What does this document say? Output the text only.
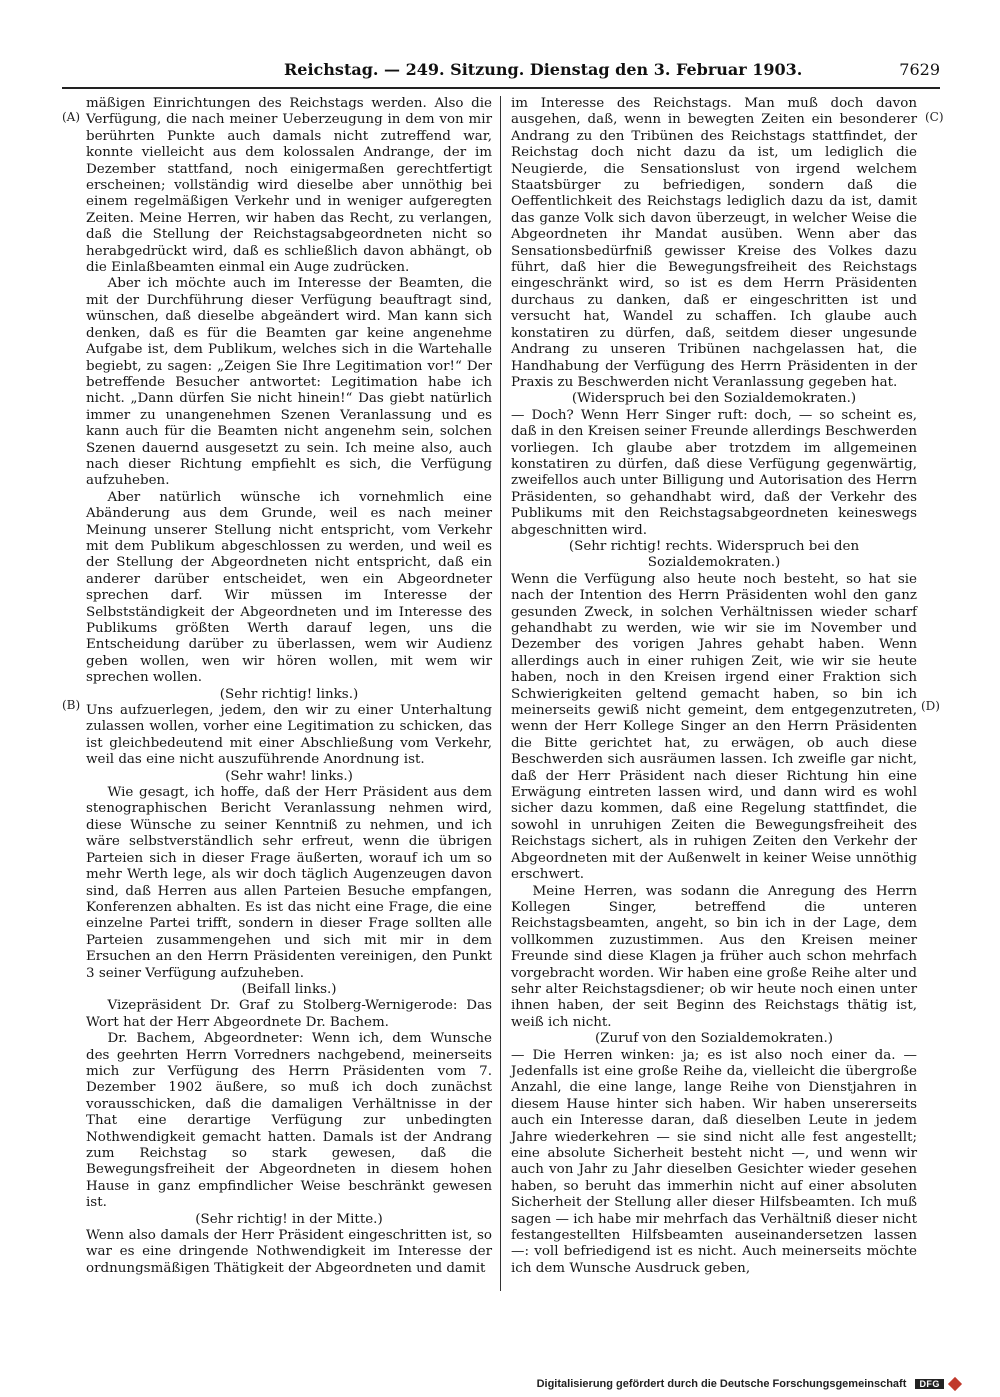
Reichstag. — 249. Sitzung. Dienstag den 3. Februar 1903.	7629
(A)
(B)
(C)
(D)

mäßigen Einrichtungen des Reichstags werden. Also die Verfügung, die nach meiner Ueberzeugung in dem von mir berührten Punkte auch damals nicht zutreffend war, konnte vielleicht aus dem kolossalen Andrange, der im Dezember stattfand, noch einigermaßen gerechtfertigt erscheinen; vollständig wird dieselbe aber unnöthig bei einem regelmäßigen Verkehr und in weniger aufgeregten Zeiten. Meine Herren, wir haben das Recht, zu verlangen, daß die Stellung der Reichstagsabgeordneten nicht so herabgedrückt wird, daß es schließlich davon abhängt, ob die Einlaßbeamten einmal ein Auge zudrücken.

Aber ich möchte auch im Interesse der Beamten, die mit der Durchführung dieser Verfügung beauftragt sind, wünschen, daß dieselbe abgeändert wird. Man kann sich denken, daß es für die Beamten gar keine angenehme Aufgabe ist, dem Publikum, welches sich in die Wartehalle begiebt, zu sagen: „Zeigen Sie Ihre Legitimation vor!“ Der betreffende Besucher antwortet: Legitimation habe ich nicht. „Dann dürfen Sie nicht hinein!“ Das giebt natürlich immer zu unangenehmen Szenen Veranlassung und es kann auch für die Beamten nicht angenehm sein, solchen Szenen dauernd ausgesetzt zu sein. Ich meine also, auch nach dieser Richtung empfiehlt es sich, die Verfügung aufzuheben.

Aber natürlich wünsche ich vornehmlich eine Abänderung aus dem Grunde, weil es nach meiner Meinung unserer Stellung nicht entspricht, vom Verkehr mit dem Publikum abgeschlossen zu werden, und weil es der Stellung der Abgeordneten nicht entspricht, daß ein anderer darüber entscheidet, wen ein Abgeordneter sprechen darf. Wir müssen im Interesse der Selbstständigkeit der Abgeordneten und im Interesse des Publikums größten Werth darauf legen, uns die Entscheidung darüber zu überlassen, wem wir Audienz geben wollen, wen wir hören wollen, mit wem wir sprechen wollen.

(Sehr richtig! links.)

Uns aufzuerlegen, jedem, den wir zu einer Unterhaltung zulassen wollen, vorher eine Legitimation zu schicken, das ist gleichbedeutend mit einer Abschließung vom Verkehr, weil das eine nicht auszuführende Anordnung ist.

(Sehr wahr! links.)

Wie gesagt, ich hoffe, daß der Herr Präsident aus dem stenographischen Bericht Veranlassung nehmen wird, diese Wünsche zu seiner Kenntniß zu nehmen, und ich wäre selbstverständlich sehr erfreut, wenn die übrigen Parteien sich in dieser Frage äußerten, worauf ich um so mehr Werth lege, als wir doch täglich Augenzeugen davon sind, daß Herren aus allen Parteien Besuche empfangen, Konferenzen abhalten. Es ist das nicht eine Frage, die eine einzelne Partei trifft, sondern in dieser Frage sollten alle Parteien zusammengehen und sich mit mir in dem Ersuchen an den Herrn Präsidenten vereinigen, den Punkt 3 seiner Verfügung aufzuheben.

(Beifall links.)

Vizepräsident Dr. Graf zu Stolberg-Wernigerode: Das Wort hat der Herr Abgeordnete Dr. Bachem.

Dr. Bachem, Abgeordneter: Wenn ich, dem Wunsche des geehrten Herrn Vorredners nachgebend, meinerseits mich zur Verfügung des Herrn Präsidenten vom 7. Dezember 1902 äußere, so muß ich doch zunächst vorausschicken, daß die damaligen Verhältnisse in der That eine derartige Verfügung zur unbedingten Nothwendigkeit gemacht hatten. Damals ist der Andrang zum Reichstag so stark gewesen, daß die Bewegungsfreiheit der Abgeordneten in diesem hohen Hause in ganz empfindlicher Weise beschränkt gewesen ist.

(Sehr richtig! in der Mitte.)

Wenn also damals der Herr Präsident eingeschritten ist, so war es eine dringende Nothwendigkeit im Interesse der ordnungsmäßigen Thätigkeit der Abgeordneten und damit

im Interesse des Reichstags. Man muß doch davon ausgehen, daß, wenn in bewegten Zeiten ein besonderer Andrang zu den Tribünen des Reichstags stattfindet, der Reichstag doch nicht dazu da ist, um lediglich die Neugierde, die Sensationslust von irgend welchem Staatsbürger zu befriedigen, sondern daß die Oeffentlichkeit des Reichstags lediglich dazu da ist, damit das ganze Volk sich davon überzeugt, in welcher Weise die Abgeordneten ihr Mandat ausüben. Wenn aber das Sensationsbedürfniß gewisser Kreise des Volkes dazu führt, daß hier die Bewegungsfreiheit des Reichstags eingeschränkt wird, so ist es dem Herrn Präsidenten durchaus zu danken, daß er eingeschritten ist und versucht hat, Wandel zu schaffen. Ich glaube auch konstatiren zu dürfen, daß, seitdem dieser ungesunde Andrang zu unseren Tribünen nachgelassen hat, die Handhabung der Verfügung des Herrn Präsidenten in der Praxis zu Beschwerden nicht Veranlassung gegeben hat.

(Widerspruch bei den Sozialdemokraten.)

— Doch? Wenn Herr Singer ruft: doch, — so scheint es, daß in den Kreisen seiner Freunde allerdings Beschwerden vorliegen. Ich glaube aber trotzdem im allgemeinen konstatiren zu dürfen, daß diese Verfügung gegenwärtig, zweifellos auch unter Billigung und Autorisation des Herrn Präsidenten, so gehandhabt wird, daß der Verkehr des Publikums mit den Reichstagsabgeordneten keineswegs abgeschnitten wird.

(Sehr richtig! rechts. Widerspruch bei den Sozialdemokraten.)

Wenn die Verfügung also heute noch besteht, so hat sie nach der Intention des Herrn Präsidenten wohl den ganz gesunden Zweck, in solchen Verhältnissen wieder scharf gehandhabt zu werden, wie wir sie im November und Dezember des vorigen Jahres gehabt haben. Wenn allerdings auch in einer ruhigen Zeit, wie wir sie heute haben, noch in den Kreisen irgend einer Fraktion sich Schwierigkeiten geltend gemacht haben, so bin ich meinerseits gewiß nicht gemeint, dem entgegenzutreten, wenn der Herr Kollege Singer an den Herrn Präsidenten die Bitte gerichtet hat, zu erwägen, ob auch diese Beschwerden sich ausräumen lassen. Ich zweifle gar nicht, daß der Herr Präsident nach dieser Richtung hin eine Erwägung eintreten lassen wird, und dann wird es wohl sicher dazu kommen, daß eine Regelung stattfindet, die sowohl in unruhigen Zeiten die Bewegungsfreiheit des Reichstags sichert, als in ruhigen Zeiten den Verkehr der Abgeordneten mit der Außenwelt in keiner Weise unnöthig erschwert.

Meine Herren, was sodann die Anregung des Herrn Kollegen Singer, betreffend die unteren Reichstagsbeamten, angeht, so bin ich in der Lage, dem vollkommen zuzustimmen. Aus den Kreisen meiner Freunde sind diese Klagen ja früher auch schon mehrfach vorgebracht worden. Wir haben eine große Reihe alter und sehr alter Reichstagsdiener; ob wir heute noch einen unter ihnen haben, der seit Beginn des Reichstags thätig ist, weiß ich nicht.

(Zuruf von den Sozialdemokraten.)

— Die Herren winken: ja; es ist also noch einer da. — Jedenfalls ist eine große Reihe da, vielleicht die übergroße Anzahl, die eine lange, lange Reihe von Dienstjahren in diesem Hause hinter sich haben. Wir haben unsererseits auch ein Interesse daran, daß dieselben Leute in jedem Jahre wiederkehren — sie sind nicht alle fest angestellt; eine absolute Sicherheit besteht nicht —, und wenn wir auch von Jahr zu Jahr dieselben Gesichter wieder gesehen haben, so beruht das immerhin nicht auf einer absoluten Sicherheit der Stellung aller dieser Hilfsbeamten. Ich muß sagen — ich habe mir mehrfach das Verhältniß dieser nicht festangestellten Hilfsbeamten auseinandersetzen lassen —: voll befriedigend ist es nicht. Auch meinerseits möchte ich dem Wunsche Ausdruck geben,

Digitalisierung gefördert durch die Deutsche Forschungsgemeinschaft DFG
